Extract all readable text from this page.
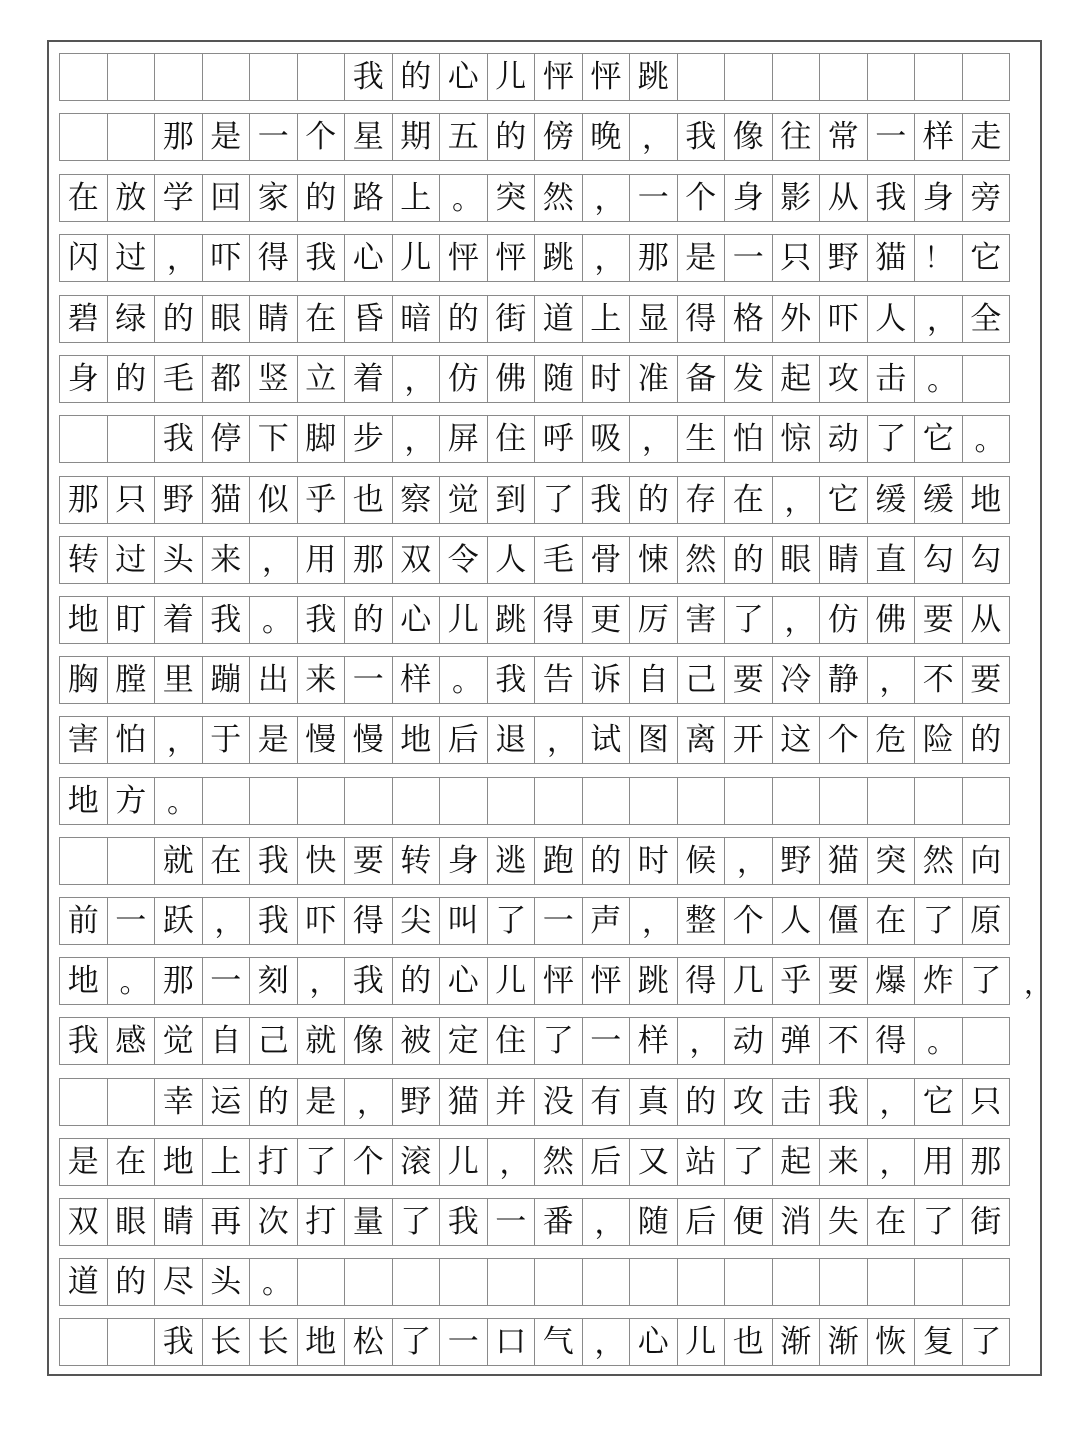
我 的 心 儿 怦 怦 跳
那 是 一 个 星 期 五 的 傍 晚 ， 我 像 往 常 一 样 走
在 放 学 回 家 的 路 上 。 突 然 ， 一 个 身 影 从 我 身 旁
闪 过 ， 吓 得 我 心 儿 怦 怦 跳 ， 那 是 一 只 野 猫 ！ 它
碧 绿 的 眼 睛 在 昏 暗 的 街 道 上 显 得 格 外 吓 人 ， 全
身 的 毛 都 竖 立 着 ， 仿 佛 随 时 准 备 发 起 攻 击 。
我 停 下 脚 步 ， 屏 住 呼 吸 ， 生 怕 惊 动 了 它 。
那 只 野 猫 似 乎 也 察 觉 到 了 我 的 存 在 ， 它 缓 缓 地
转 过 头 来 ， 用 那 双 令 人 毛 骨 悚 然 的 眼 睛 直 勾 勾
地 盯 着 我 。 我 的 心 儿 跳 得 更 厉 害 了 ， 仿 佛 要 从
胸 膛 里 蹦 出 来 一 样 。 我 告 诉 自 己 要 冷 静 ， 不 要
害 怕 ， 于 是 慢 慢 地 后 退 ， 试 图 离 开 这 个 危 险 的
地 方 。
就 在 我 快 要 转 身 逃 跑 的 时 候 ， 野 猫 突 然 向
前 一 跃 ， 我 吓 得 尖 叫 了 一 声 ， 整 个 人 僵 在 了 原
地 。 那 一 刻 ， 我 的 心 儿 怦 怦 跳 得 几 乎 要 爆 炸 了
我 感 觉 自 己 就 像 被 定 住 了 一 样 ， 动 弹 不 得 。
幸 运 的 是 ， 野 猫 并 没 有 真 的 攻 击 我 ， 它 只
是 在 地 上 打 了 个 滚 儿 ， 然 后 又 站 了 起 来 ， 用 那
双 眼 睛 再 次 打 量 了 我 一 番 ， 随 后 便 消 失 在 了 街
道 的 尽 头 。
我 长 长 地 松 了 一 口 气 ， 心 儿 也 渐 渐 恢 复 了
，
